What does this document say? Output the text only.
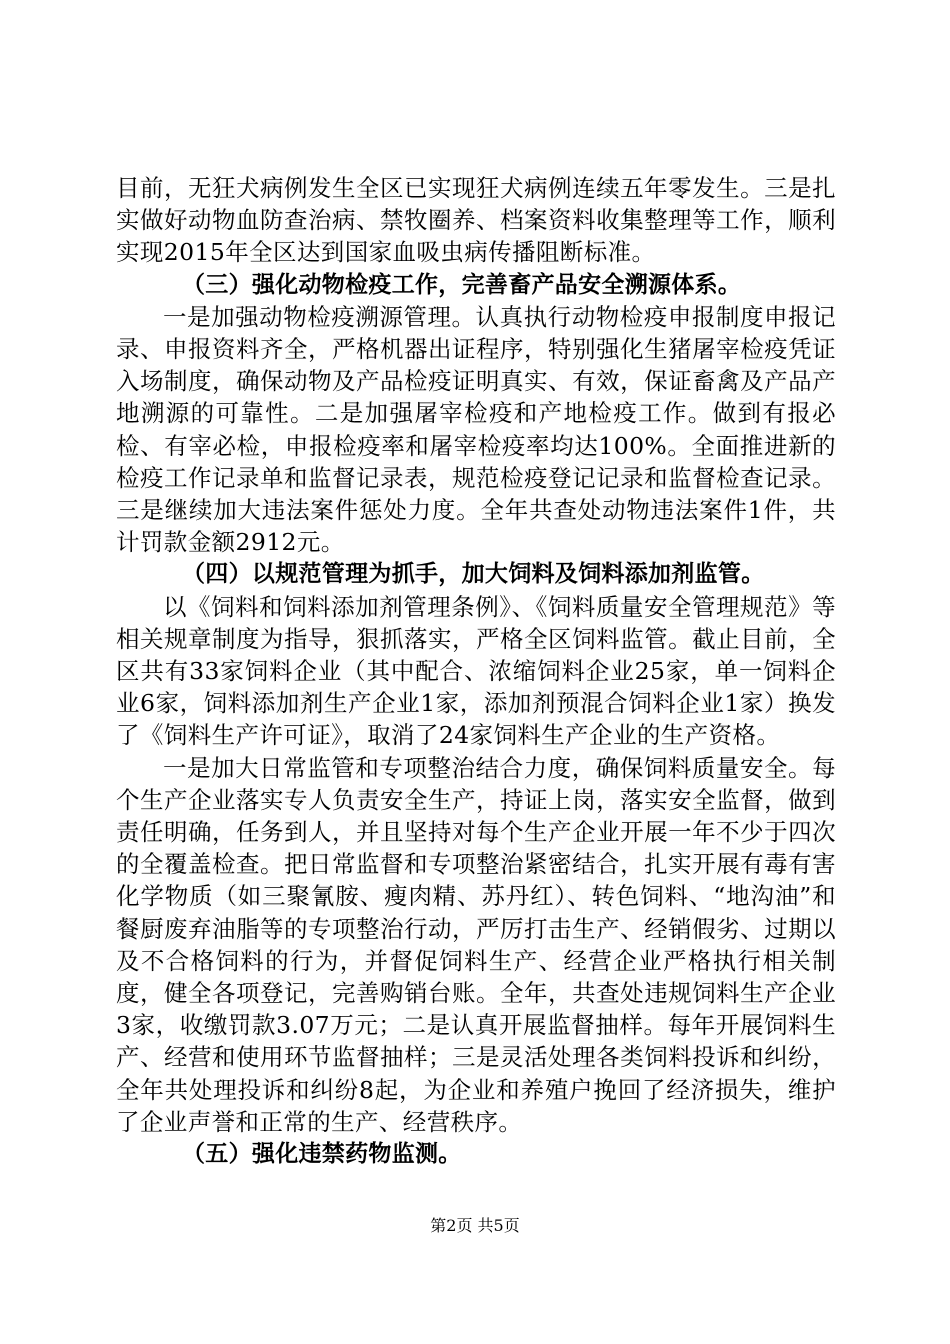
目前，无狂犬病例发生全区已实现狂犬病例连续五年零发生。三是扎实做好动物血防查治病、禁牧圈养、档案资料收集整理等工作，顺利实现2015年全区达到国家血吸虫病传播阻断标准。

（三）强化动物检疫工作，完善畜产品安全溯源体系。

一是加强动物检疫溯源管理。认真执行动物检疫申报制度申报记录、申报资料齐全，严格机器出证程序，特别强化生猪屠宰检疫凭证入场制度，确保动物及产品检疫证明真实、有效，保证畜禽及产品产地溯源的可靠性。二是加强屠宰检疫和产地检疫工作。做到有报必检、有宰必检，申报检疫率和屠宰检疫率均达100%。全面推进新的检疫工作记录单和监督记录表，规范检疫登记记录和监督检查记录。三是继续加大违法案件惩处力度。全年共查处动物违法案件1件，共计罚款金额2912元。

（四）以规范管理为抓手，加大饲料及饲料添加剂监管。

以《饲料和饲料添加剂管理条例》、《饲料质量安全管理规范》等相关规章制度为指导，狠抓落实，严格全区饲料监管。截止目前，全区共有33家饲料企业（其中配合、浓缩饲料企业25家，单一饲料企业6家，饲料添加剂生产企业1家，添加剂预混合饲料企业1家）换发了《饲料生产许可证》，取消了24家饲料生产企业的生产资格。

一是加大日常监管和专项整治结合力度，确保饲料质量安全。每个生产企业落实专人负责安全生产，持证上岗，落实安全监督，做到责任明确，任务到人，并且坚持对每个生产企业开展一年不少于四次的全覆盖检查。把日常监督和专项整治紧密结合，扎实开展有毒有害化学物质（如三聚氰胺、瘦肉精、苏丹红）、转色饲料、“地沟油”和餐厨废弃油脂等的专项整治行动，严厉打击生产、经销假劣、过期以及不合格饲料的行为，并督促饲料生产、经营企业严格执行相关制度，健全各项登记，完善购销台账。全年，共查处违规饲料生产企业3家，收缴罚款3.07万元；二是认真开展监督抽样。每年开展饲料生产、经营和使用环节监督抽样；三是灵活处理各类饲料投诉和纠纷，全年共处理投诉和纠纷8起，为企业和养殖户挽回了经济损失，维护了企业声誉和正常的生产、经营秩序。

（五）强化违禁药物监测。

第2页 共5页
